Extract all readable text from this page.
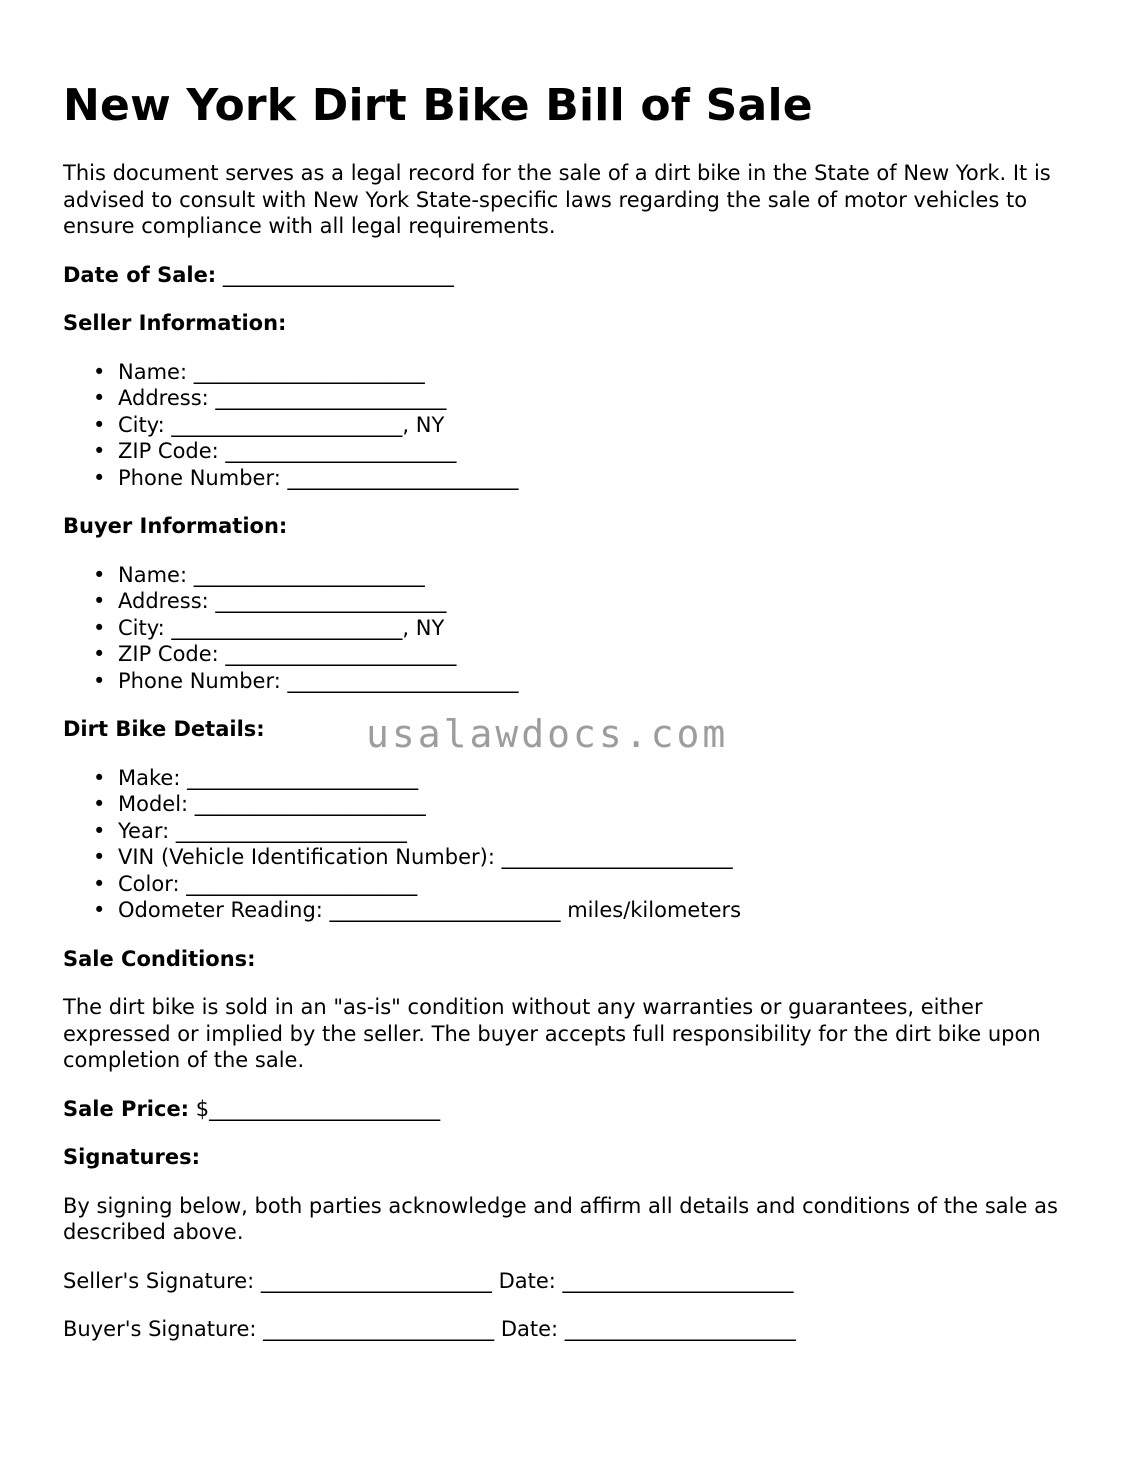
New York Dirt Bike Bill of Sale

This document serves as a legal record for the sale of a dirt bike in the State of New York. It is advised to consult with New York State-specific laws regarding the sale of motor vehicles to ensure compliance with all legal requirements.

Date of Sale: ______________________
Seller Information:
• Name: ______________________
• Address: ______________________
• City: ______________________, NY
• ZIP Code: ______________________
• Phone Number: ______________________
Buyer Information:
• Name: ______________________
• Address: ______________________
• City: ______________________, NY
• ZIP Code: ______________________
• Phone Number: ______________________
Dirt Bike Details:
• Make: ______________________
• Model: ______________________
• Year: ______________________
• VIN (Vehicle Identification Number): ______________________
• Color: ______________________
• Odometer Reading: ______________________ miles/kilometers
Sale Conditions:

The dirt bike is sold in an "as-is" condition without any warranties or guarantees, either expressed or implied by the seller. The buyer accepts full responsibility for the dirt bike upon completion of the sale.

Sale Price: $______________________
Signatures:

By signing below, both parties acknowledge and affirm all details and conditions of the sale as described above.

Seller's Signature: ______________________ Date: ______________________
Buyer's Signature: ______________________ Date: ______________________
usalawdocs.com
